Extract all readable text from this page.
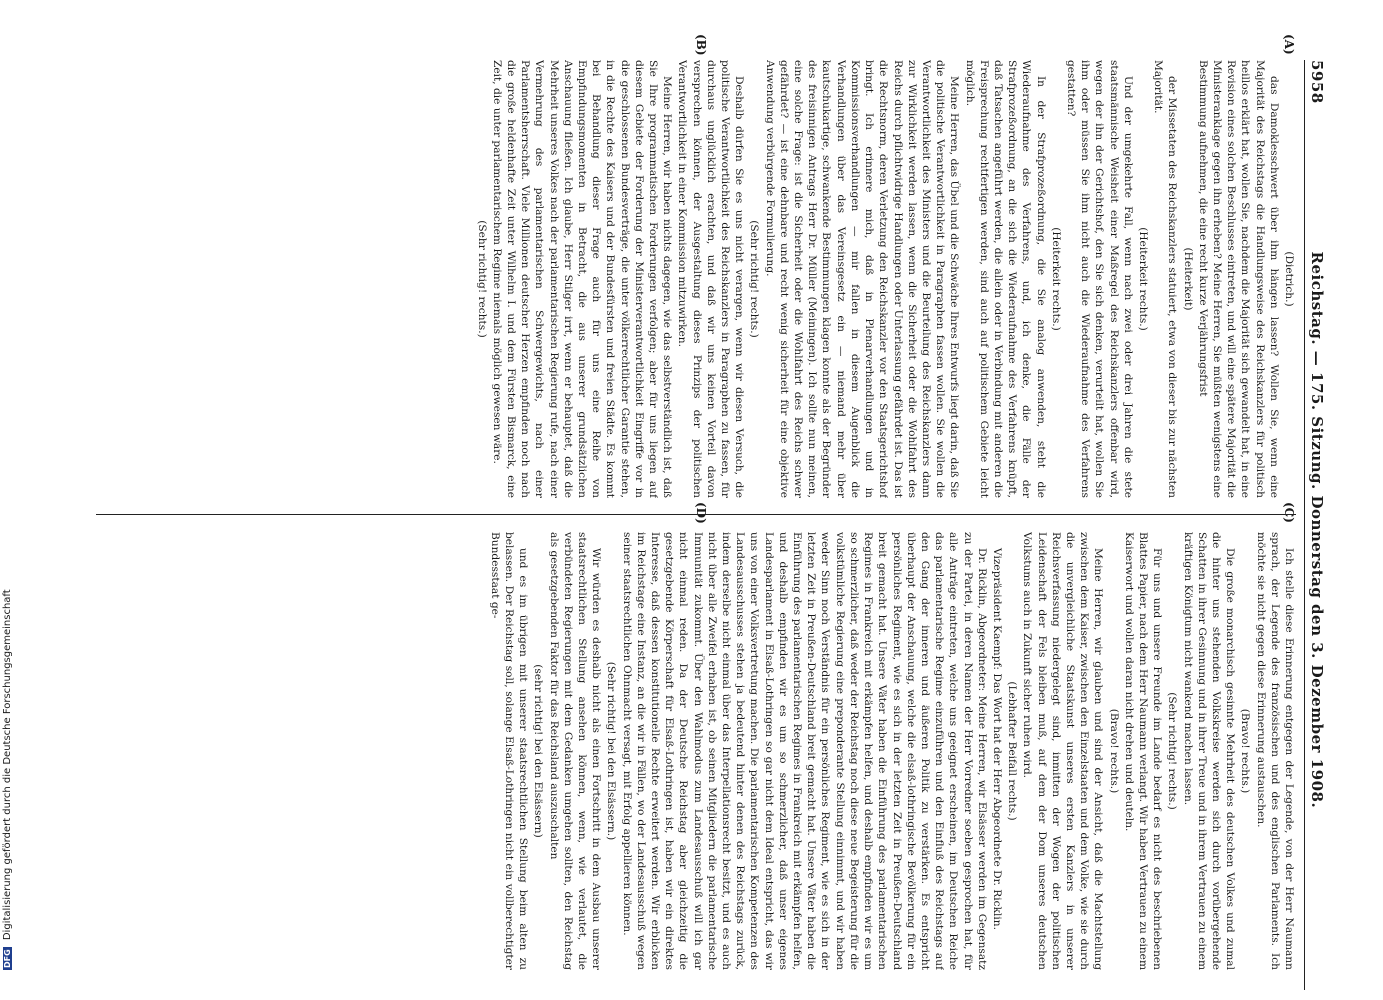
5958
Reichstag. — 175. Sitzung. Donnerstag den 3. Dezember 1908.
(A)
(B)
(C)
(D)

(Dietrich.)

das Damoklesschwert über ihm hängen lassen? Wollen Sie, wenn eine Majorität des Reichstags die Handlungsweise des Reichskanzlers für politisch heillos erklärt hat, wollen Sie, nachdem die Majorität sich gewandelt hat, in eine Revision eines solchen Beschlusses eintreten, und will eine spätere Majorität die Ministeranklage gegen ihn erheben? Meine Herren, Sie müßten wenigstens eine Bestimmung aufnehmen, die eine recht kurze Verjährungsfrist

(Heiterkeit)

der Missetaten des Reichskanzlers statuiert, etwa von dieser bis zur nächsten Majorität.

(Heiterkeit rechts.)

Und der umgekehrte Fall, wenn nach zwei oder drei Jahren die stete staatsmännische Weisheit einer Maßregel des Reichskanzlers offenbar wird, wegen der ihn der Gerichtshof, den Sie sich denken, verurteilt hat, wollen Sie ihm oder müssen Sie ihm nicht auch die Wiederaufnahme des Verfahrens gestatten?

(Heiterkeit rechts.)

In der Strafprozeßordnung, die Sie analog anwenden, steht die Wiederaufnahme des Verfahrens, und, ich denke, die Fälle der Strafprozeßordnung, an die sich die Wiederaufnahme des Verfahrens knüpft, daß Tatsachen angeführt werden, die allein oder in Verbindung mit anderen die Freisprechung rechtfertigen werden, sind auch auf politischem Gebiete leicht möglich.

Meine Herren, das Übel und die Schwäche Ihres Entwurfs liegt darin, daß Sie die politische Verantwortlichkeit in Paragraphen fassen wollen. Sie wollen die Verantwortlichkeit des Ministers und die Beurteilung des Reichskanzlers dann zur Wirklichkeit werden lassen, wenn die Sicherheit oder die Wohlfahrt des Reichs durch pflichtwidrige Handlungen oder Unterlassung gefährdet ist. Das ist die Rechtsnorm, deren Verletzung den Reichskanzler vor den Staatsgerichtshof bringt. Ich erinnere mich, daß in Plenarverhandlungen und in Kommissionsverhandlungen — mir fallen in diesem Augenblick die Verhandlungen über das Vereinsgesetz ein — niemand mehr über kautschukartige, schwankende Bestimmungen klagen konnte als der Begründer des freisinnigen Antrags Herr Dr. Müller (Meiningen). Ich sollte nun meinen, eine solche Frage: ist die Sicherheit oder die Wohlfahrt des Reichs schwer gefährdet? — ist eine dehnbare und recht wenig sicherheit für eine objektive Anwendung verbürgende Formulierung.

(Sehr richtig! rechts.)

Deshalb dürfen Sie es uns nicht verargen, wenn wir diesen Versuch, die politische Verantwortlichkeit des Reichskanzlers in Paragraphen zu fassen, für durchaus unglücklich erachten, und daß wir uns keinen Vorteil davon versprechen können, der Ausgestaltung dieses Prinzips der politischen Verantwortlichkeit in einer Kommission mitzuwirken.

Meine Herren, wir haben nichts dagegen, wie das selbstverständlich ist, daß Sie Ihre programmatischen Forderungen verfolgen; aber für uns liegen auf diesem Gebiete der Forderung der Ministerverantwortlichkeit Eingriffe vor in die geschlossenen Bundesverträge, die unter völkerrechtlicher Garantie stehen, in die Rechte des Kaisers und der Bundesfürsten und freien Städte. Es kommt bei Behandlung dieser Frage auch für uns eine Reihe von Empfindungsmomenten in Betracht, die aus unserer grundsätzlichen Anschauung fließen. Ich glaube, Herr Stilger irrt, wenn er behauptet, daß die Mehrheit unseres Volkes nach der parlamentarischen Regierung rufe, nach einer Vermehrung des parlamentarischen Schwergewichts, nach einer Parlamentsherrschaft. Viele Millionen deutscher Herzen empfinden noch nach die große heldenhafte Zeit unter Wilhelm I. und dem Fürsten Bismarck, eine Zeit, die unter parlamentarischem Regime niemals möglich gewesen wäre.

(Sehr richtig! rechts.)

Ich stelle diese Erinnerung entgegen der Legende, von der Herr Naumann sprach, der Legende des französischen und des englischen Parlaments. Ich möchte sie nicht gegen diese Erinnerung austauschen.

(Bravo! rechts.)

Die große monarchisch gesinnte Mehrheit des deutschen Volkes und zumal die hinter uns stehenden Volkskreise werden sich durch vorübergehende Schatten in ihrer Gesinnung und in ihrer Treue und in ihrem Vertrauen zu einem kräftigen Königtum nicht wankend machen lassen.

(Sehr richtig! rechts.)

Für uns und unsere Freunde im Lande bedarf es nicht des beschriebenen Blattes Papier, nach dem Herr Naumann verlangt. Wir haben Vertrauen zu einem Kaiserwort und wollen daran nicht drehen und deuteln.

(Bravo! rechts.)

Meine Herren, wir glauben und sind der Ansicht, daß die Machtstellung zwischen dem Kaiser, zwischen den Einzelstaaten und dem Volke, wie sie durch die unvergleichliche Staatskunst unseres ersten Kanzlers in unserer Reichsverfassung niedergelegt sind, inmitten der Wogen der politischen Leidenschaft der Fels bleiben muß, auf dem der Dom unseres deutschen Volkstums auch in Zukunft sicher ruhen wird.

(Lebhafter Beifall rechts.)

Vizepräsident Kaempf: Das Wort hat der Herr Abgeordnete Dr. Ricklin.

Dr. Ricklin, Abgeordneter: Meine Herren, wir Elsässer werden im Gegensatz zu der Partei, in deren Namen der Herr Vorredner soeben gesprochen hat, für alle Anträge eintreten, welche uns geeignet erscheinen, im Deutschen Reiche das parlamentarische Regime einzuführen und den Einfluß des Reichstags auf den Gang der inneren und äußeren Politik zu verstärken. Es entspricht überhaupt der Anschauung, welche die elsaß-lothringische Bevölkerung für ein persönliches Regiment, wie es sich in der letzten Zeit in Preußen-Deutschland breit gemacht hat. Unsere Väter haben die Einführung des parlamentarischen Regimes in Frankreich mit erkämpfen helfen, und deshalb empfinden wir es um so schmerzlicher, daß weder der Reichstag noch diese neue Begeisterung für die volkstümliche Regierung eine preponderante Stellung einnimmt, und wir haben weder Sinn noch Verständnis für ein persönliches Regiment, wie es sich in der letzten Zeit in Preußen-Deutschland breit gemacht hat. Unsere Väter haben die Einführung des parlamentarischen Regimes in Frankreich mit erkämpfen helfen, und deshalb empfinden wir es um so schmerzlicher, daß unser eigenes Landesparlament in Elsaß-Lothringen so gar nicht dem Ideal entspricht, das wir uns von einer Volksvertretung machen. Die parlamentarischen Kompetenzen des Landesausschusses stehen ja bedeutend hinter denen des Reichstags zurück, indem derselbe nicht einmal über das Interpellationsrecht besitzt, und es auch nicht über alle Zweifel erhaben ist, ob seinen Mitgliedern die parlamentarische Immunität zukommt. Über den Wahlmodus zum Landesausschuß will ich gar nicht einmal reden. Da der Deutsche Reichstag aber gleichzeitig die gesetzgebende Körperschaft für Elsaß-Lothringen ist, haben wir ein direktes Interesse, daß dessen konstitutionelle Rechte erweitert werden. Wir erblicken im Reichstage eine Instanz, an die wir in Fällen, wo der Landesausschuß wegen seiner staatsrechtlichen Ohnmacht versagt, mit Erfolg appellieren können.

(Sehr richtig! bei den Elsässern.)

Wir würden es deshalb nicht als einen Fortschritt in dem Ausbau unserer staatsrechtlichen Stellung ansehen können, wenn, wie verlautet, die verbündeten Regierungen mit dem Gedanken umgehen sollten, den Reichstag als gesetzgebenden Faktor für das Reichsland auszuschalten

(sehr richtig! bei den Elsässern)

und es im übrigen mit unserer staatsrechtlichen Stellung beim alten zu belassen. Der Reichstag soll, solange Elsaß-Lothringen nicht ein vollberechtigter Bundesstaat ge-

DFG Digitalisierung gefördert durch die Deutsche Forschungsgemeinschaft
